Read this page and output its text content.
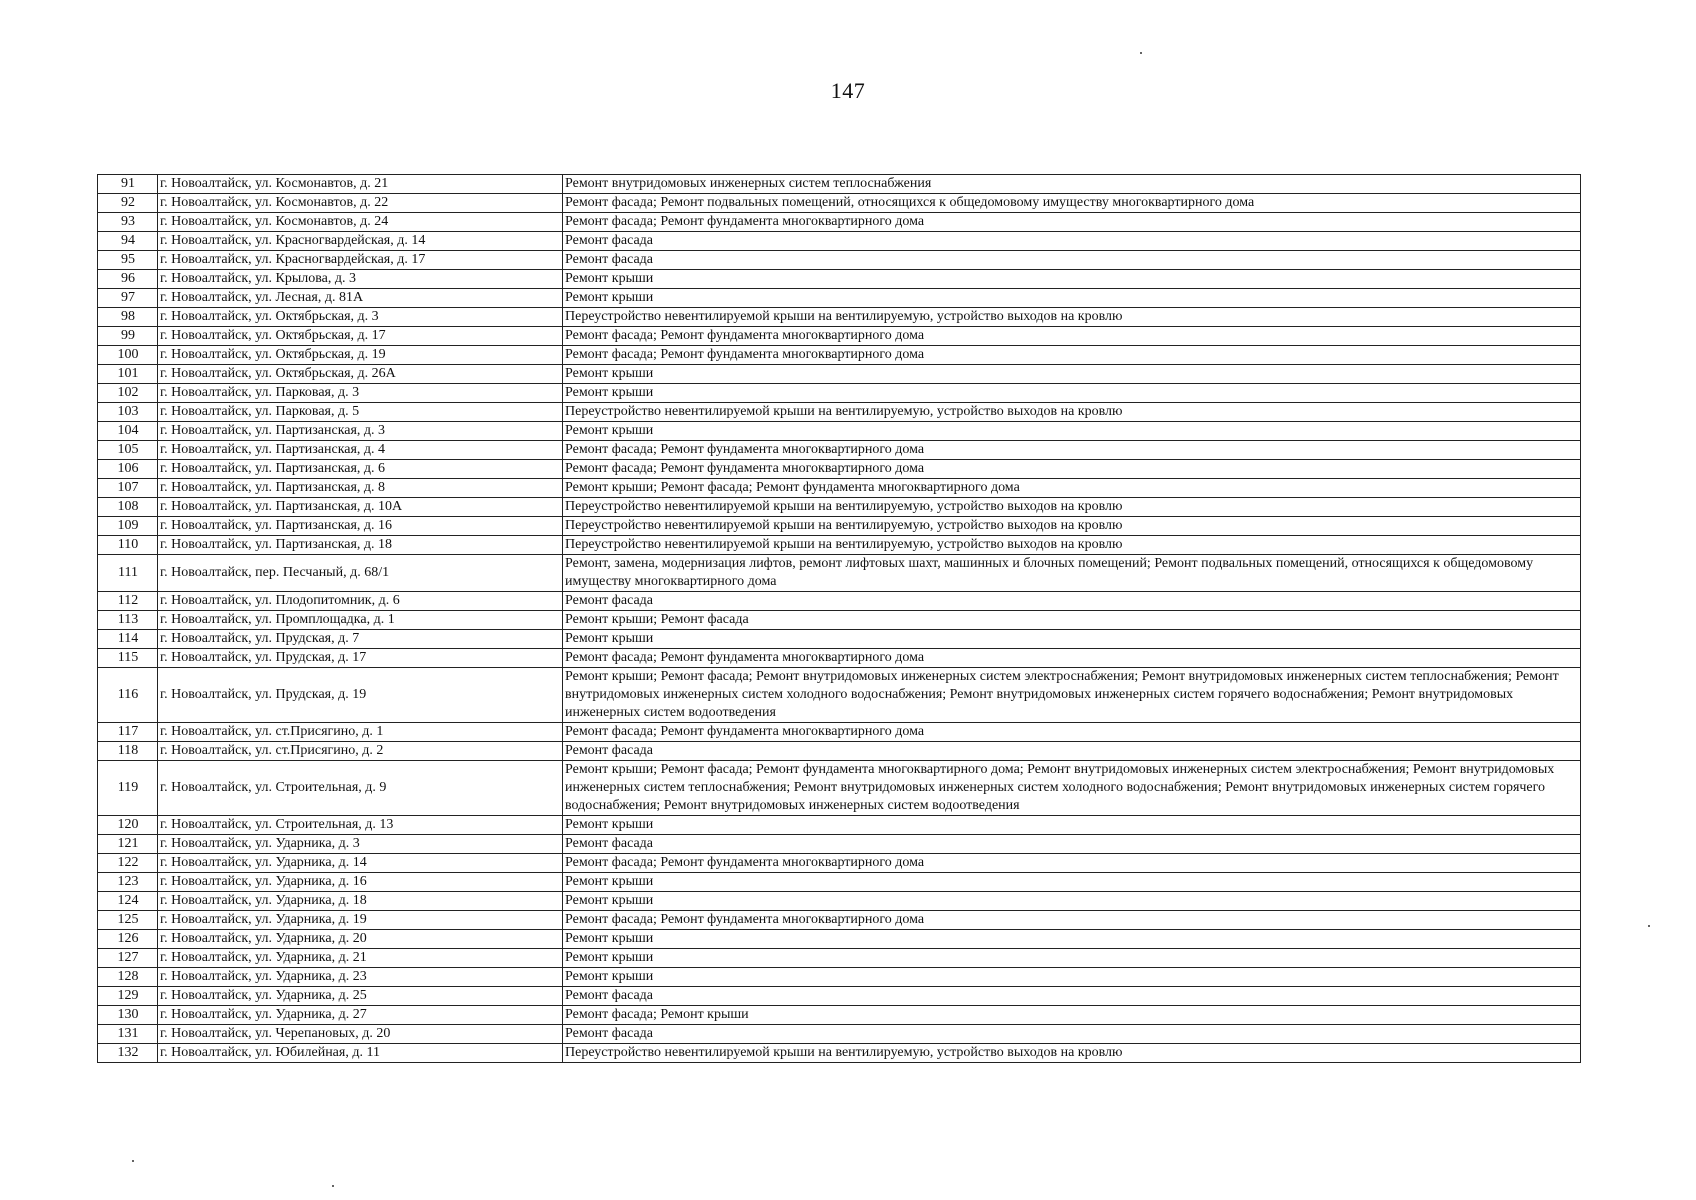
147
91	г. Новоалтайск, ул. Космонавтов, д. 21	Ремонт внутридомовых инженерных систем теплоснабжения
92	г. Новоалтайск, ул. Космонавтов, д. 22	Ремонт фасада; Ремонт подвальных помещений, относящихся к общедомовому имуществу многоквартирного дома
93	г. Новоалтайск, ул. Космонавтов, д. 24	Ремонт фасада; Ремонт фундамента многоквартирного дома
94	г. Новоалтайск, ул. Красногвардейская, д. 14	Ремонт фасада
95	г. Новоалтайск, ул. Красногвардейская, д. 17	Ремонт фасада
96	г. Новоалтайск, ул. Крылова, д. 3	Ремонт крыши
97	г. Новоалтайск, ул. Лесная, д. 81А	Ремонт крыши
98	г. Новоалтайск, ул. Октябрьская, д. 3	Переустройство невентилируемой крыши на вентилируемую, устройство выходов на кровлю
99	г. Новоалтайск, ул. Октябрьская, д. 17	Ремонт фасада; Ремонт фундамента многоквартирного дома
100	г. Новоалтайск, ул. Октябрьская, д. 19	Ремонт фасада; Ремонт фундамента многоквартирного дома
101	г. Новоалтайск, ул. Октябрьская, д. 26А	Ремонт крыши
102	г. Новоалтайск, ул. Парковая, д. 3	Ремонт крыши
103	г. Новоалтайск, ул. Парковая, д. 5	Переустройство невентилируемой крыши на вентилируемую, устройство выходов на кровлю
104	г. Новоалтайск, ул. Партизанская, д. 3	Ремонт крыши
105	г. Новоалтайск, ул. Партизанская, д. 4	Ремонт фасада; Ремонт фундамента многоквартирного дома
106	г. Новоалтайск, ул. Партизанская, д. 6	Ремонт фасада; Ремонт фундамента многоквартирного дома
107	г. Новоалтайск, ул. Партизанская, д. 8	Ремонт крыши; Ремонт фасада; Ремонт фундамента многоквартирного дома
108	г. Новоалтайск, ул. Партизанская, д. 10А	Переустройство невентилируемой крыши на вентилируемую, устройство выходов на кровлю
109	г. Новоалтайск, ул. Партизанская, д. 16	Переустройство невентилируемой крыши на вентилируемую, устройство выходов на кровлю
110	г. Новоалтайск, ул. Партизанская, д. 18	Переустройство невентилируемой крыши на вентилируемую, устройство выходов на кровлю
111	г. Новоалтайск, пер. Песчаный, д. 68/1	Ремонт, замена, модернизация лифтов, ремонт лифтовых шахт, машинных и блочных помещений; Ремонт подвальных помещений, относящихся к общедомовому имуществу многоквартирного дома
112	г. Новоалтайск, ул. Плодопитомник, д. 6	Ремонт фасада
113	г. Новоалтайск, ул. Промплощадка, д. 1	Ремонт крыши; Ремонт фасада
114	г. Новоалтайск, ул. Прудская, д. 7	Ремонт крыши
115	г. Новоалтайск, ул. Прудская, д. 17	Ремонт фасада; Ремонт фундамента многоквартирного дома
116	г. Новоалтайск, ул. Прудская, д. 19	Ремонт крыши; Ремонт фасада; Ремонт внутридомовых инженерных систем электроснабжения; Ремонт внутридомовых инженерных систем теплоснабжения; Ремонт внутридомовых инженерных систем холодного водоснабжения; Ремонт внутридомовых инженерных систем горячего водоснабжения; Ремонт внутридомовых инженерных систем водоотведения
117	г. Новоалтайск, ул. ст.Присягино, д. 1	Ремонт фасада; Ремонт фундамента многоквартирного дома
118	г. Новоалтайск, ул. ст.Присягино, д. 2	Ремонт фасада
119	г. Новоалтайск, ул. Строительная, д. 9	Ремонт крыши; Ремонт фасада; Ремонт фундамента многоквартирного дома; Ремонт внутридомовых инженерных систем электроснабжения; Ремонт внутридомовых инженерных систем теплоснабжения; Ремонт внутридомовых инженерных систем холодного водоснабжения; Ремонт внутридомовых инженерных систем горячего водоснабжения; Ремонт внутридомовых инженерных систем водоотведения
120	г. Новоалтайск, ул. Строительная, д. 13	Ремонт крыши
121	г. Новоалтайск, ул. Ударника, д. 3	Ремонт фасада
122	г. Новоалтайск, ул. Ударника, д. 14	Ремонт фасада; Ремонт фундамента многоквартирного дома
123	г. Новоалтайск, ул. Ударника, д. 16	Ремонт крыши
124	г. Новоалтайск, ул. Ударника, д. 18	Ремонт крыши
125	г. Новоалтайск, ул. Ударника, д. 19	Ремонт фасада; Ремонт фундамента многоквартирного дома
126	г. Новоалтайск, ул. Ударника, д. 20	Ремонт крыши
127	г. Новоалтайск, ул. Ударника, д. 21	Ремонт крыши
128	г. Новоалтайск, ул. Ударника, д. 23	Ремонт крыши
129	г. Новоалтайск, ул. Ударника, д. 25	Ремонт фасада
130	г. Новоалтайск, ул. Ударника, д. 27	Ремонт фасада; Ремонт крыши
131	г. Новоалтайск, ул. Черепановых, д. 20	Ремонт фасада
132	г. Новоалтайск, ул. Юбилейная, д. 11	Переустройство невентилируемой крыши на вентилируемую, устройство выходов на кровлю
